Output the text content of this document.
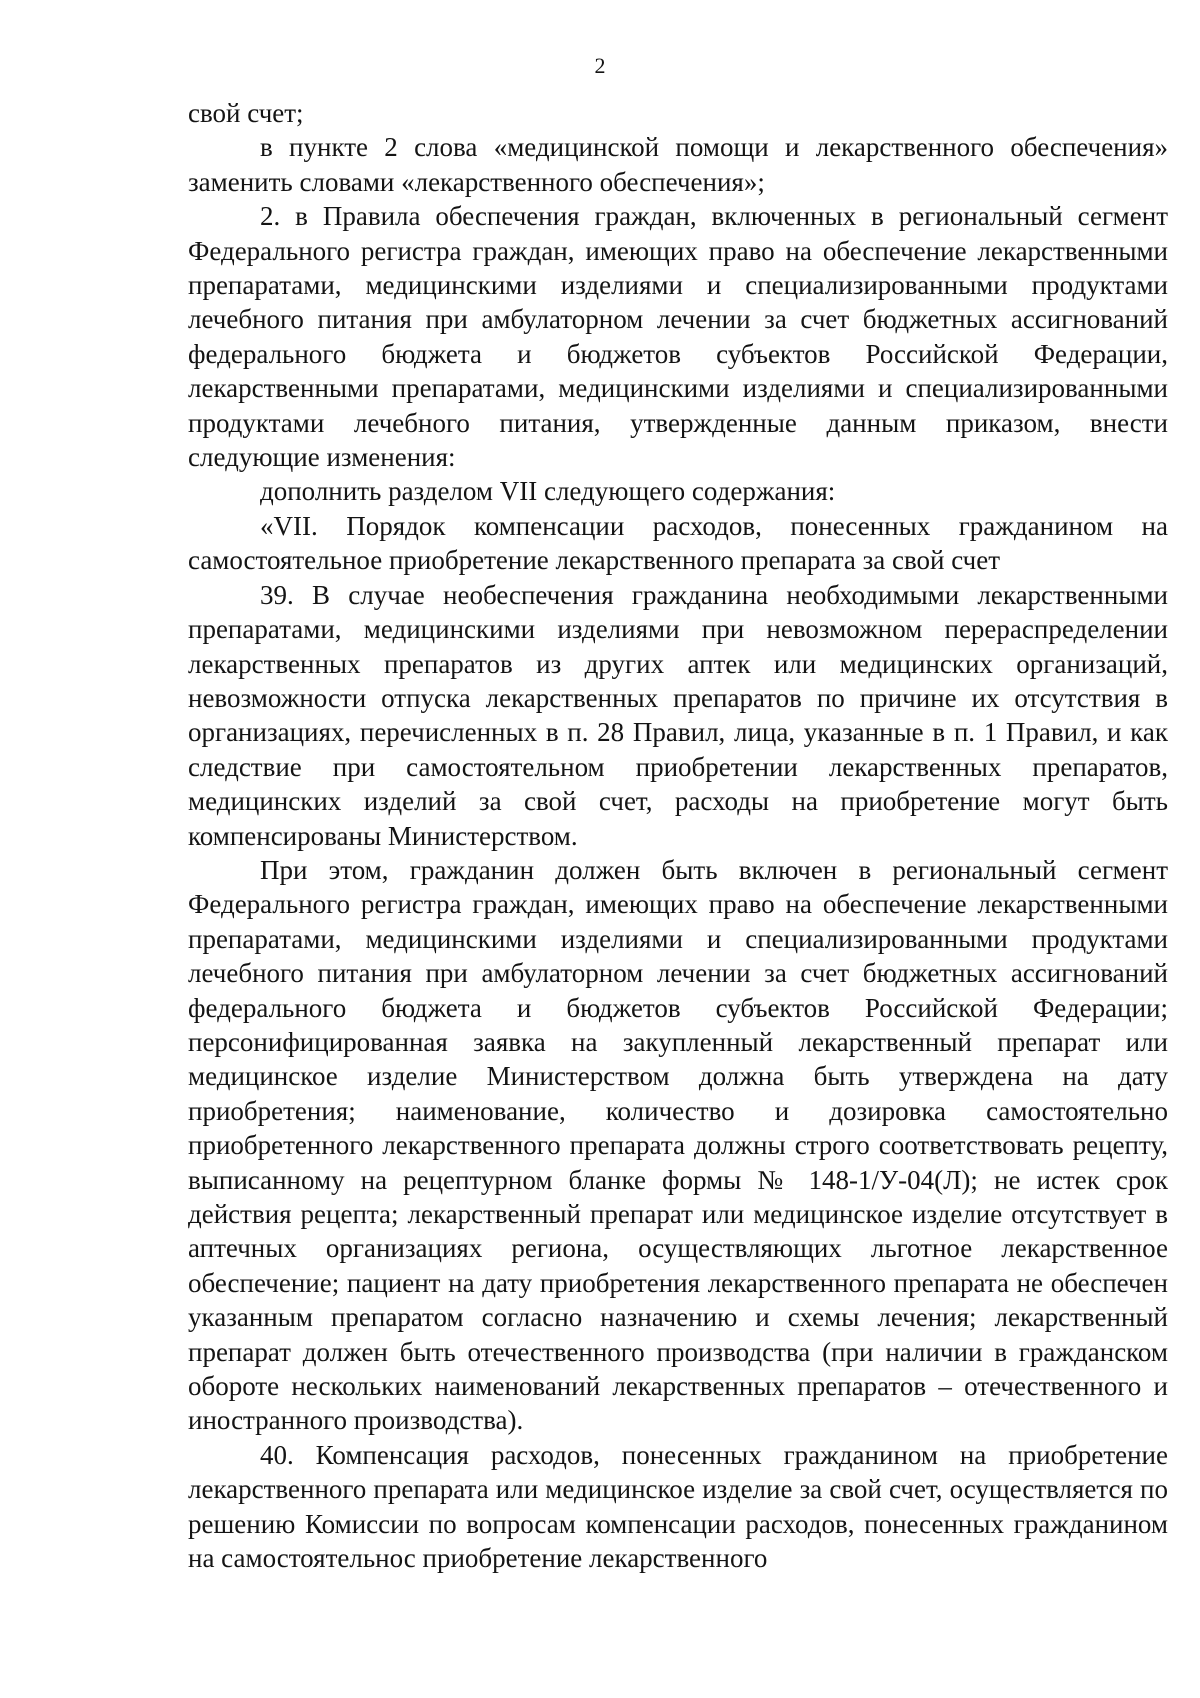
2

свой счет;

в пункте 2 слова «медицинской помощи и лекарственного обеспечения» заменить словами «лекарственного обеспечения»;

2. в Правила обеспечения граждан, включенных в региональный сегмент Федерального регистра граждан, имеющих право на обеспечение лекарственными препаратами, медицинскими изделиями и специализированными продуктами лечебного питания при амбулаторном лечении за счет бюджетных ассигнований федерального бюджета и бюджетов субъектов Российской Федерации, лекарственными препаратами, медицинскими изделиями и специализированными продуктами лечебного питания, утвержденные данным приказом, внести следующие изменения:

дополнить разделом VII следующего содержания:

«VII. Порядок компенсации расходов, понесенных гражданином на самостоятельное приобретение лекарственного препарата за свой счет

39. В случае необеспечения гражданина необходимыми лекарственными препаратами, медицинскими изделиями при невозможном перераспределении лекарственных препаратов из других аптек или медицинских организаций, невозможности отпуска лекарственных препаратов по причине их отсутствия в организациях, перечисленных в п. 28 Правил, лица, указанные в п. 1 Правил, и как следствие при самостоятельном приобретении лекарственных препаратов, медицинских изделий за свой счет, расходы на приобретение могут быть компенсированы Министерством.

При этом, гражданин должен быть включен в региональный сегмент Федерального регистра граждан, имеющих право на обеспечение лекарственными препаратами, медицинскими изделиями и специализированными продуктами лечебного питания при амбулаторном лечении за счет бюджетных ассигнований федерального бюджета и бюджетов субъектов Российской Федерации; персонифицированная заявка на закупленный лекарственный препарат или медицинское изделие Министерством должна быть утверждена на дату приобретения; наименование, количество и дозировка самостоятельно приобретенного лекарственного препарата должны строго соответствовать рецепту, выписанному на рецептурном бланке формы № 148-1/У-04(Л); не истек срок действия рецепта; лекарственный препарат или медицинское изделие отсутствует в аптечных организациях региона, осуществляющих льготное лекарственное обеспечение; пациент на дату приобретения лекарственного препарата не обеспечен указанным препаратом согласно назначению и схемы лечения; лекарственный препарат должен быть отечественного производства (при наличии в гражданском обороте нескольких наименований лекарственных препаратов – отечественного и иностранного производства).

40. Компенсация расходов, понесенных гражданином на приобретение лекарственного препарата или медицинское изделие за свой счет, осуществляется по решению Комиссии по вопросам компенсации расходов, понесенных гражданином на самостоятельнос приобретение лекарственного
